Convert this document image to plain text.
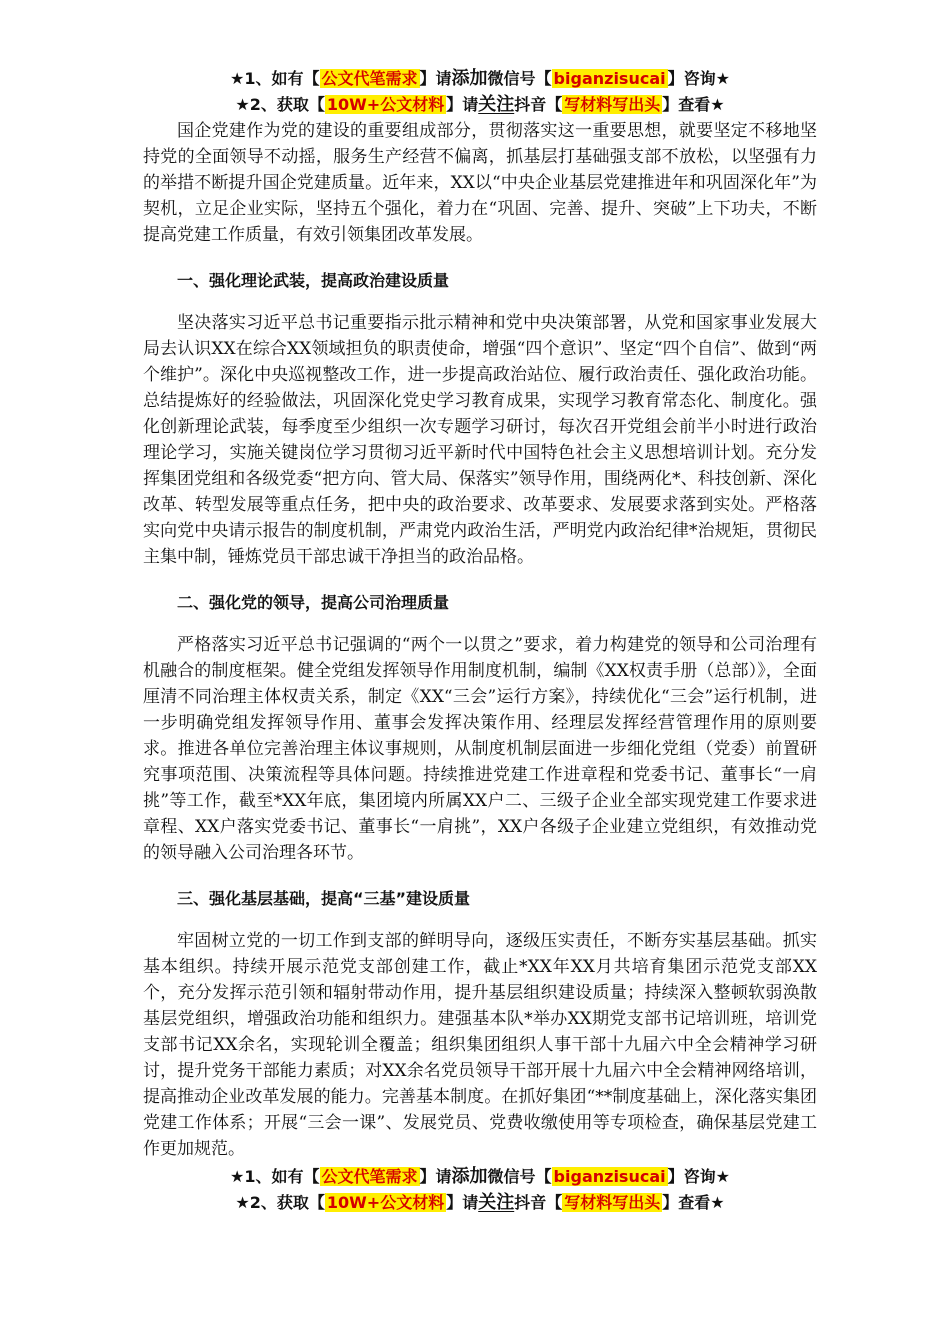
★1、如有【 公文代笔需求 】请添加微信号【 biganzisucai 】咨询★
★2、获取【 10W+公文材料 】请关注抖音【 写材料写出头 】查看★

国企党建作为党的建设的重要组成部分，贯彻落实这一重要思想，就要坚定不移地坚持党的全面领导不动摇，服务生产经营不偏离，抓基层打基础强支部不放松，以坚强有力的举措不断提升国企党建质量。近年来，XX以“中央企业基层党建推进年和巩固深化年”为契机，立足企业实际，坚持五个强化，着力在“巩固、完善、提升、突破”上下功夫，不断提高党建工作质量，有效引领集团改革发展。

一、强化理论武装，提高政治建设质量

坚决落实习近平总书记重要指示批示精神和党中央决策部署，从党和国家事业发展大局去认识XX在综合XX领域担负的职责使命，增强“四个意识”、坚定“四个自信”、做到“两个维护”。深化中央巡视整改工作，进一步提高政治站位、履行政治责任、强化政治功能。总结提炼好的经验做法，巩固深化党史学习教育成果，实现学习教育常态化、制度化。强化创新理论武装，每季度至少组织一次专题学习研讨，每次召开党组会前半小时进行政治理论学习，实施关键岗位学习贯彻习近平新时代中国特色社会主义思想培训计划。充分发挥集团党组和各级党委“把方向、管大局、保落实”领导作用，围绕两化*、科技创新、深化改革、转型发展等重点任务，把中央的政治要求、改革要求、发展要求落到实处。严格落实向党中央请示报告的制度机制，严肃党内政治生活，严明党内政治纪律*治规矩，贯彻民主集中制，锤炼党员干部忠诚干净担当的政治品格。

二、强化党的领导，提高公司治理质量

严格落实习近平总书记强调的“两个一以贯之”要求，着力构建党的领导和公司治理有机融合的制度框架。健全党组发挥领导作用制度机制，编制《XX权责手册（总部）》，全面厘清不同治理主体权责关系，制定《XX“三会”运行方案》，持续优化“三会”运行机制，进一步明确党组发挥领导作用、董事会发挥决策作用、经理层发挥经营管理作用的原则要求。推进各单位完善治理主体议事规则，从制度机制层面进一步细化党组（党委）前置研究事项范围、决策流程等具体问题。持续推进党建工作进章程和党委书记、董事长“一肩挑”等工作，截至*XX年底，集团境内所属XX户二、三级子企业全部实现党建工作要求进章程、XX户落实党委书记、董事长“一肩挑”，XX户各级子企业建立党组织，有效推动党的领导融入公司治理各环节。

三、强化基层基础，提高“三基”建设质量

牢固树立党的一切工作到支部的鲜明导向，逐级压实责任，不断夯实基层基础。抓实基本组织。持续开展示范党支部创建工作，截止*XX年XX月共培育集团示范党支部XX个，充分发挥示范引领和辐射带动作用，提升基层组织建设质量；持续深入整顿软弱涣散基层党组织，增强政治功能和组织力。建强基本队*举办XX期党支部书记培训班，培训党支部书记XX余名，实现轮训全覆盖；组织集团组织人事干部十九届六中全会精神学习研讨，提升党务干部能力素质；对XX余名党员领导干部开展十九届六中全会精神网络培训，提高推动企业改革发展的能力。完善基本制度。在抓好集团“**制度基础上，深化落实集团党建工作体系；开展“三会一课”、发展党员、党费收缴使用等专项检查，确保基层党建工作更加规范。

★1、如有【 公文代笔需求 】请添加微信号【 biganzisucai 】咨询★
★2、获取【 10W+公文材料 】请关注抖音【 写材料写出头 】查看★
